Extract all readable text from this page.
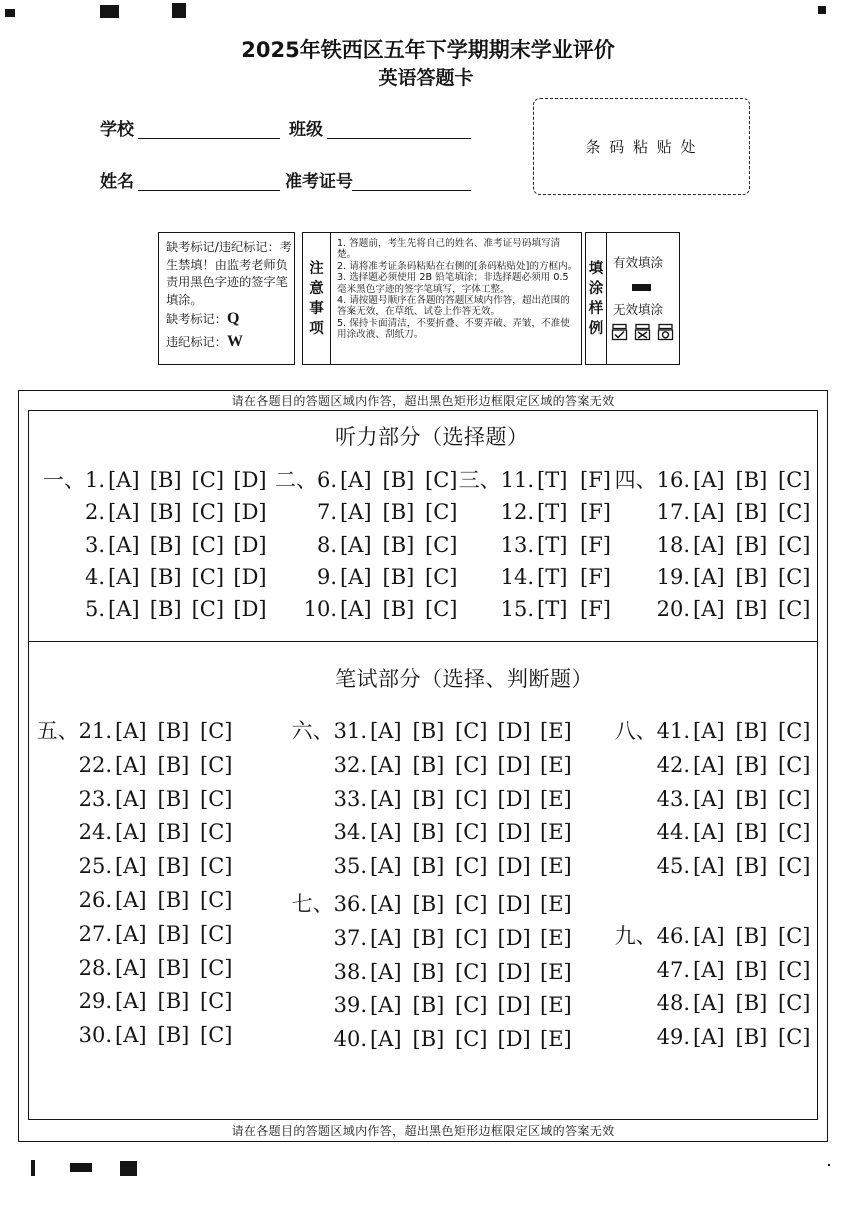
2025年铁西区五年下学期期末学业评价
英语答题卡
学校	班级
姓名	准考证号
条 码 粘 贴 处
缺考标记/违纪标记：考生禁填！由监考老师负责用黑色字迹的签字笔填涂。
缺考标记：Q
违纪标记：W
注意事项
1. 答题前，考生先将自己的姓名、准考证号码填写清楚。
2. 请将准考证条码粘贴在右侧的[条码粘贴处]的方框内。
3. 选择题必须使用 2B 铅笔填涂；非选择题必须用 0.5 毫米黑色字迹的签字笔填写，字体工整。
4. 请按题号顺序在各题的答题区域内作答，超出范围的答案无效，在草纸、试卷上作答无效。
5. 保持卡面清洁，不要折叠、不要弄破、弄皱，不准使用涂改液、刮纸刀。
填涂样例
有效填涂
无效填涂
请在各题目的答题区域内作答，超出黑色矩形边框限定区域的答案无效
听力部分（选择题）
笔试部分（选择、判断题）
请在各题目的答题区域内作答，超出黑色矩形边框限定区域的答案无效
一、1. [A] [B] [C] [D]
2. [A] [B] [C] [D]
3. [A] [B] [C] [D]
4. [A] [B] [C] [D]
5. [A] [B] [C] [D]
二、6. [A] [B] [C]
7. [A] [B] [C]
8. [A] [B] [C]
9. [A] [B] [C]
10. [A] [B] [C]
三、11. [T] [F]
12. [T] [F]
13. [T] [F]
14. [T] [F]
15. [T] [F]
四、16. [A] [B] [C]
17. [A] [B] [C]
18. [A] [B] [C]
19. [A] [B] [C]
20. [A] [B] [C]
五、21. [A] [B] [C]
22. [A] [B] [C]
23. [A] [B] [C]
24. [A] [B] [C]
25. [A] [B] [C]
26. [A] [B] [C]
27. [A] [B] [C]
28. [A] [B] [C]
29. [A] [B] [C]
30. [A] [B] [C]
六、31. [A] [B] [C] [D] [E]
32. [A] [B] [C] [D] [E]
33. [A] [B] [C] [D] [E]
34. [A] [B] [C] [D] [E]
35. [A] [B] [C] [D] [E]
七、36. [A] [B] [C] [D] [E]
37. [A] [B] [C] [D] [E]
38. [A] [B] [C] [D] [E]
39. [A] [B] [C] [D] [E]
40. [A] [B] [C] [D] [E]
八、41. [A] [B] [C]
42. [A] [B] [C]
43. [A] [B] [C]
44. [A] [B] [C]
45. [A] [B] [C]
九、46. [A] [B] [C]
47. [A] [B] [C]
48. [A] [B] [C]
49. [A] [B] [C]
